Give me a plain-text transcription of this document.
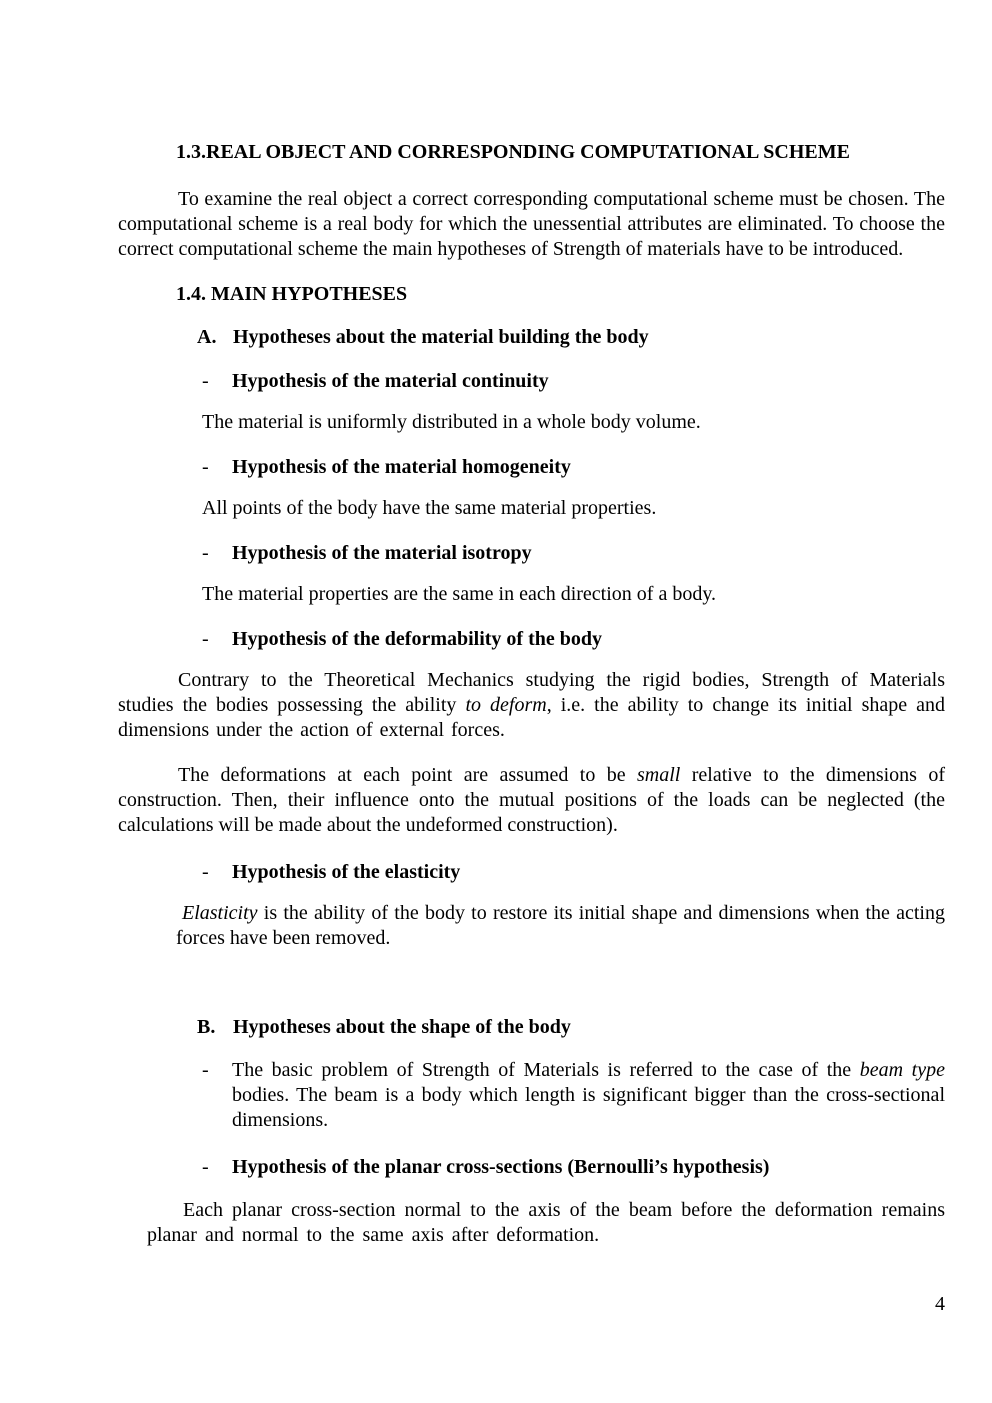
1.3.REAL OBJECT AND CORRESPONDING COMPUTATIONAL SCHEME

To examine the real object a correct corresponding computational scheme must be chosen. The computational scheme is a real body for which the unessential attributes are eliminated. To choose the correct computational scheme the main hypotheses of Strength of materials have to be introduced.

1.4. MAIN HYPOTHESES
A. Hypotheses about the material building the body
-	Hypothesis of the material continuity

The material is uniformly distributed in a whole body volume.

-	Hypothesis of the material homogeneity

All points of the body have the same material properties.

-	Hypothesis of the material isotropy

The material properties are the same in each direction of a body.

-	Hypothesis of the deformability of the body

Contrary to the Theoretical Mechanics studying the rigid bodies, Strength of Materials studies the bodies possessing the ability to deform, i.e. the ability to change its initial shape and dimensions under the action of external forces.

The deformations at each point are assumed to be small relative to the dimensions of construction. Then, their influence onto the mutual positions of the loads can be neglected (the calculations will be made about the undeformed construction).

-	Hypothesis of the elasticity

Elasticity is the ability of the body to restore its initial shape and dimensions when the acting forces have been removed.

B. Hypotheses about the shape of the body
-	The basic problem of Strength of Materials is referred to the case of the beam type bodies. The beam is a body which length is significant bigger than the cross-sectional dimensions.
-	Hypothesis of the planar cross-sections (Bernoulli’s hypothesis)

Each planar cross-section normal to the axis of the beam before the deformation remains planar and normal to the same axis after deformation.

4
